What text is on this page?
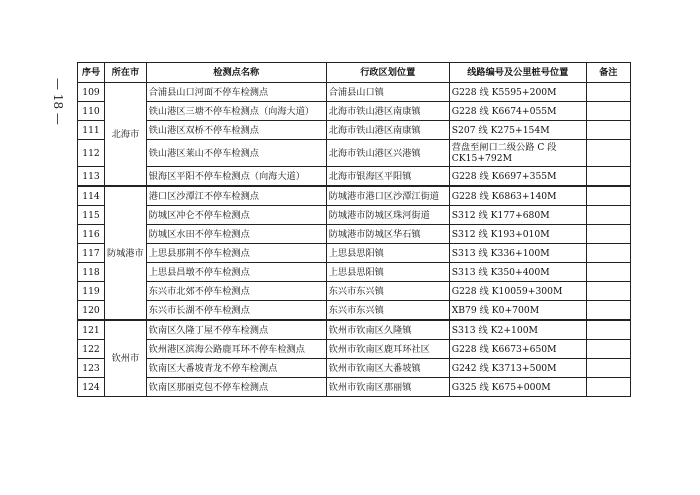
— 18 —
序号	所在市	检测点名称	行政区划位置	线路编号及公里桩号位置	备注
109	北海市	合浦县山口河面不停车检测点	合浦县山口镇	G228 线 K5595+200M	
110		铁山港区三塘不停车检测点（向海大道）	北海市铁山港区南康镇	G228 线 K6674+055M	
111		铁山港区双桥不停车检测点	北海市铁山港区南康镇	S207 线 K275+154M	
112		铁山港区莱山不停车检测点	北海市铁山港区兴港镇	营盘至闸口二级公路 C 段 CK15+792M	
113		银海区平阳不停车检测点（向海大道）	北海市银海区平阳镇	G228 线 K6697+355M	
114	防城港市	港口区沙潭江不停车检测点	防城港市港口区沙潭江街道	G228 线 K6863+140M	
115		防城区冲仑不停车检测点	防城港市防城区珠河街道	S312 线 K177+680M	
116		防城区水田不停车检测点	防城港市防城区华石镇	S312 线 K193+010M	
117		上思县那荆不停车检测点	上思县思阳镇	S313 线 K336+100M	
118		上思县昌墩不停车检测点	上思县思阳镇	S313 线 K350+400M	
119		东兴市北郊不停车检测点	东兴市东兴镇	G228 线 K10059+300M	
120		东兴市长湖不停车检测点	东兴市东兴镇	XB79 线 K0+700M	
121	钦州市	钦南区久隆丁屋不停车检测点	钦州市钦南区久隆镇	S313 线 K2+100M	
122		钦州港区滨海公路鹿耳环不停车检测点	钦州市钦南区鹿耳环社区	G228 线 K6673+650M	
123		钦南区大番坡青龙不停车检测点	钦州市钦南区大番坡镇	G242 线 K3713+500M	
124		钦南区那丽克包不停车检测点	钦州市钦南区那丽镇	G325 线 K675+000M	
